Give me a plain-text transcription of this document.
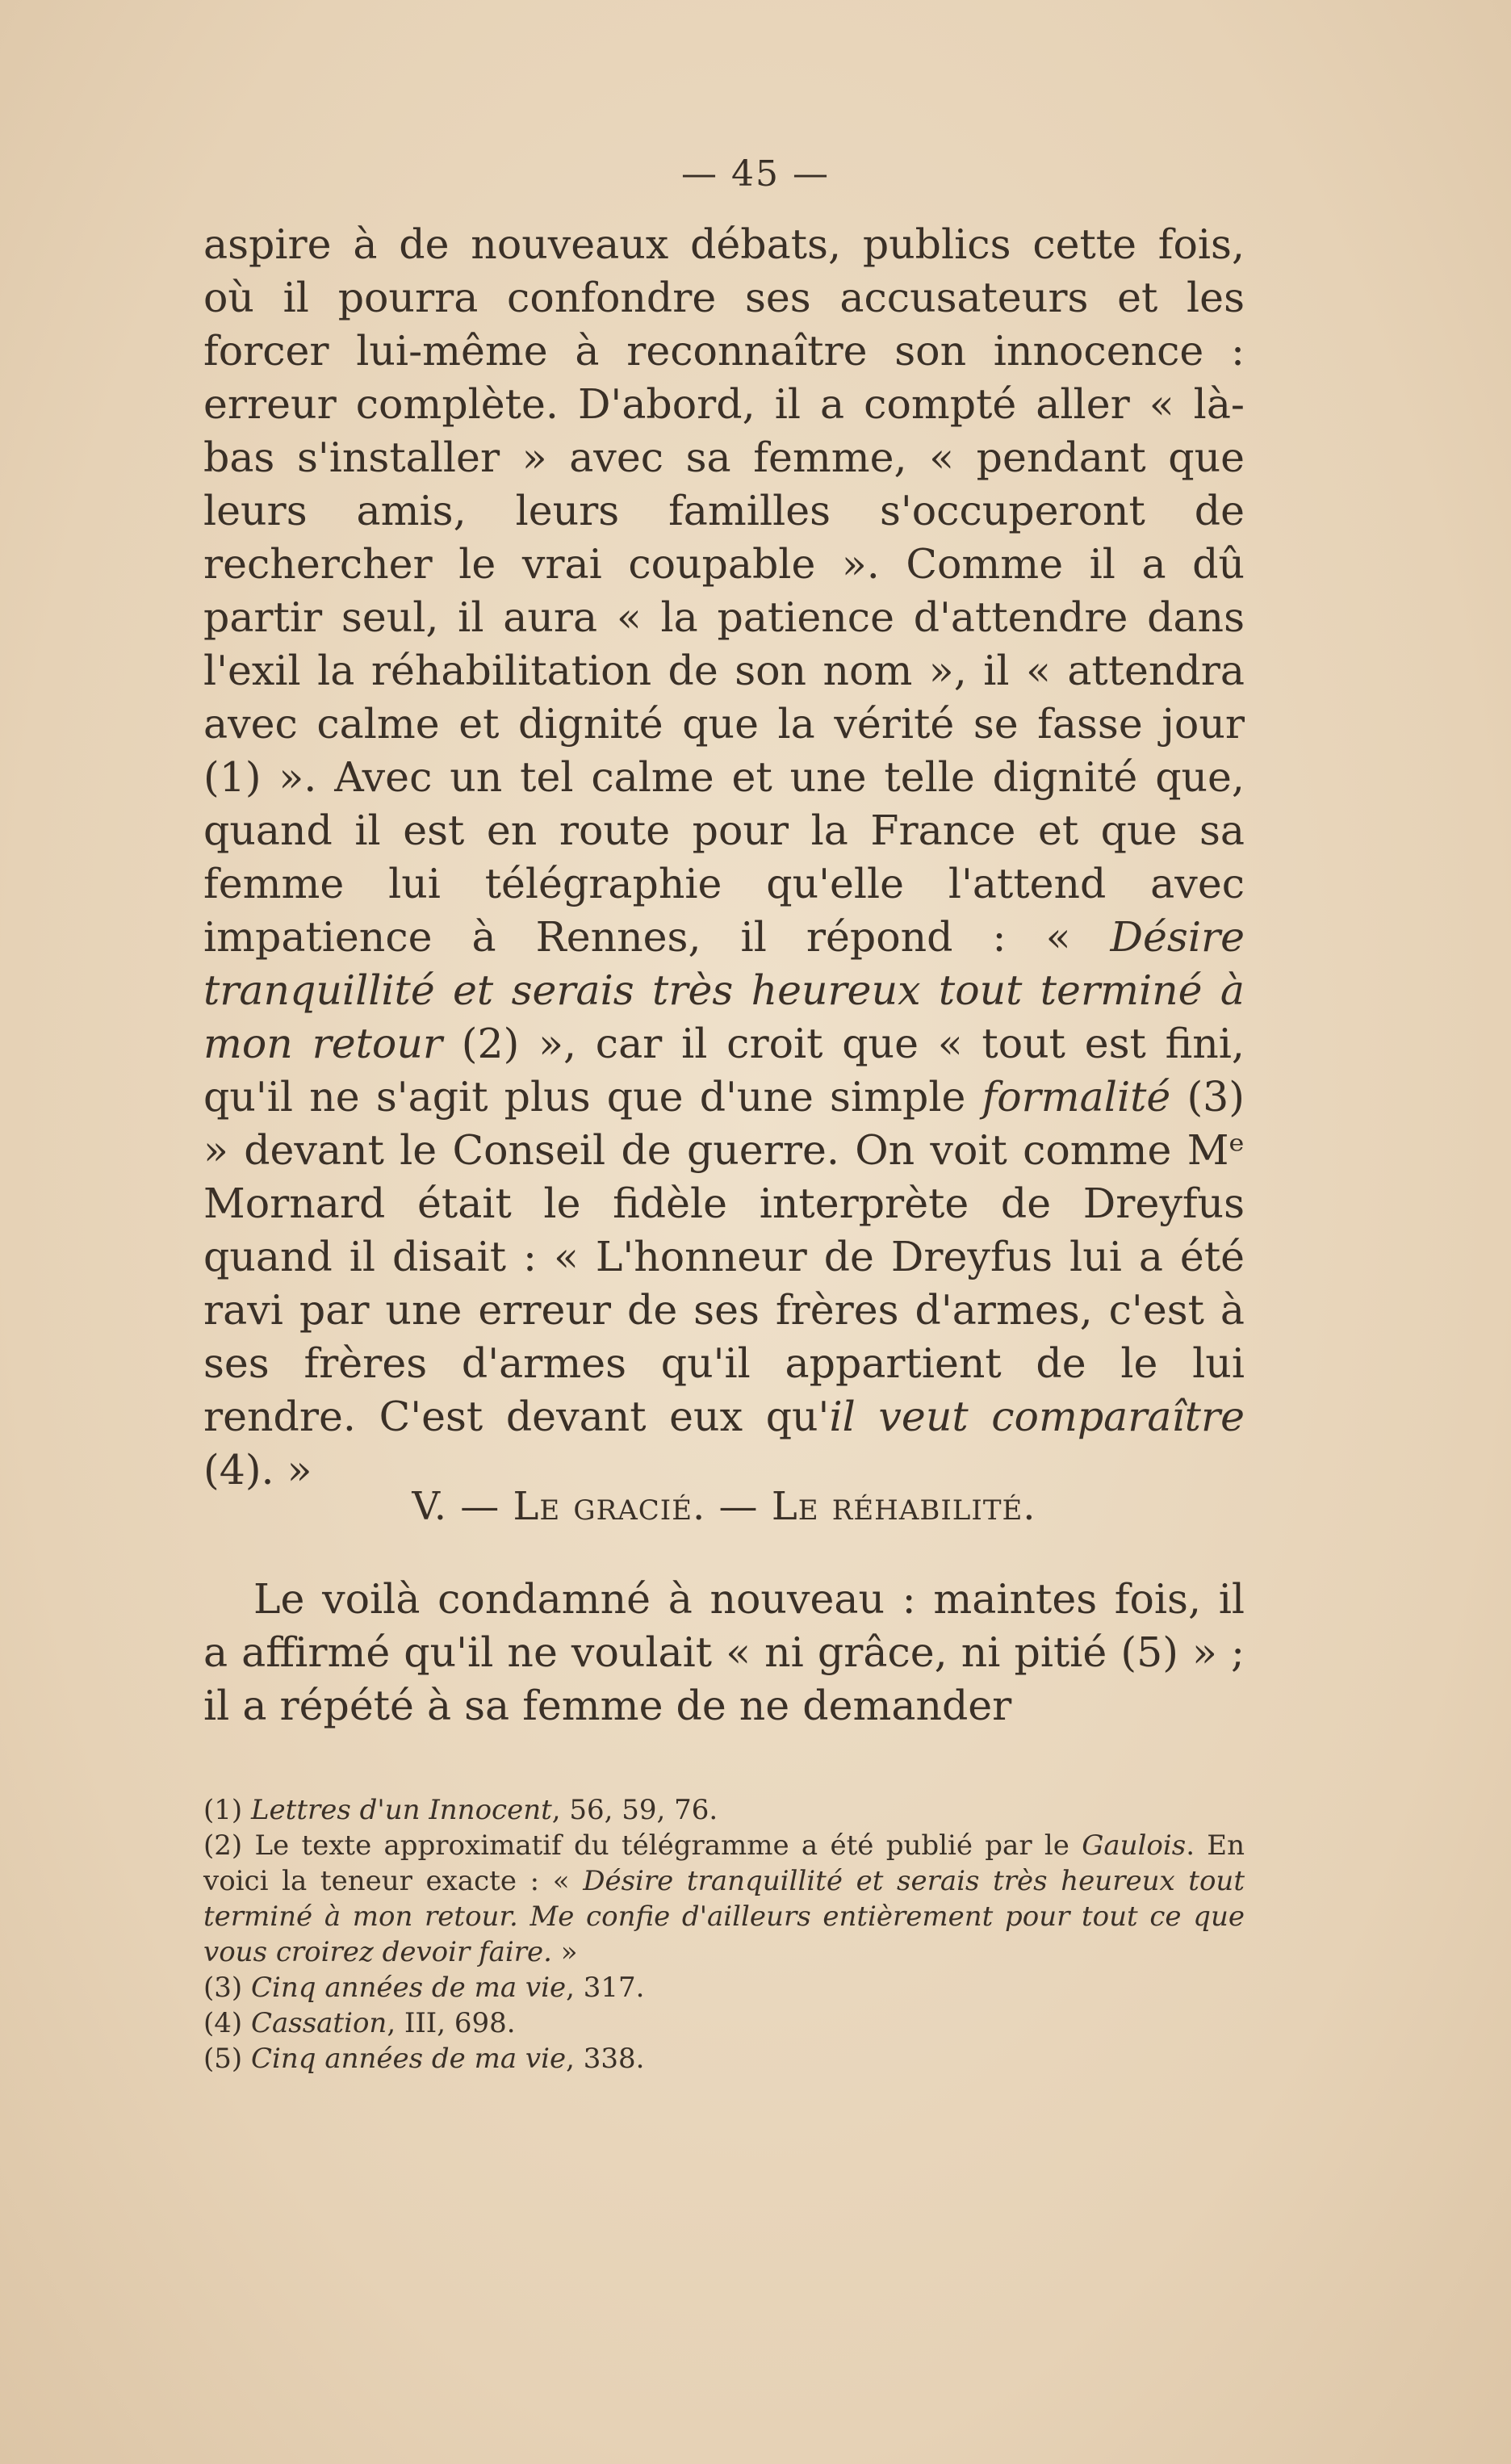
— 45 —

aspire à de nouveaux débats, publics cette fois, où il pourra confondre ses accusateurs et les forcer lui-même à reconnaître son innocence : erreur complète. D'abord, il a compté aller « là-bas s'installer » avec sa femme, « pendant que leurs amis, leurs familles s'occuperont de rechercher le vrai coupable ». Comme il a dû partir seul, il aura « la patience d'attendre dans l'exil la réhabilitation de son nom », il « attendra avec calme et dignité que la vérité se fasse jour (1) ». Avec un tel calme et une telle dignité que, quand il est en route pour la France et que sa femme lui télégraphie qu'elle l'attend avec impatience à Rennes, il répond : « Désire tranquillité et serais très heureux tout terminé à mon retour (2) », car il croit que « tout est fini, qu'il ne s'agit plus que d'une simple formalité (3) » devant le Conseil de guerre. On voit comme Mᵉ Mornard était le fidèle interprète de Dreyfus quand il disait : « L'honneur de Dreyfus lui a été ravi par une erreur de ses frères d'armes, c'est à ses frères d'armes qu'il appartient de le lui rendre. C'est devant eux qu'il veut comparaître (4). »

V. — Le gracié. — Le réhabilité.
Le voilà condamné à nouveau : maintes fois, il a affirmé qu'il ne voulait « ni grâce, ni pitié (5) » ; il a répété à sa femme de ne demander
(1) Lettres d'un Innocent, 56, 59, 76.
(2) Le texte approximatif du télégramme a été publié par le Gaulois. En voici la teneur exacte : « Désire tranquillité et serais très heureux tout terminé à mon retour. Me confie d'ailleurs entièrement pour tout ce que vous croirez devoir faire. »
(3) Cinq années de ma vie, 317.
(4) Cassation, III, 698.
(5) Cinq années de ma vie, 338.
